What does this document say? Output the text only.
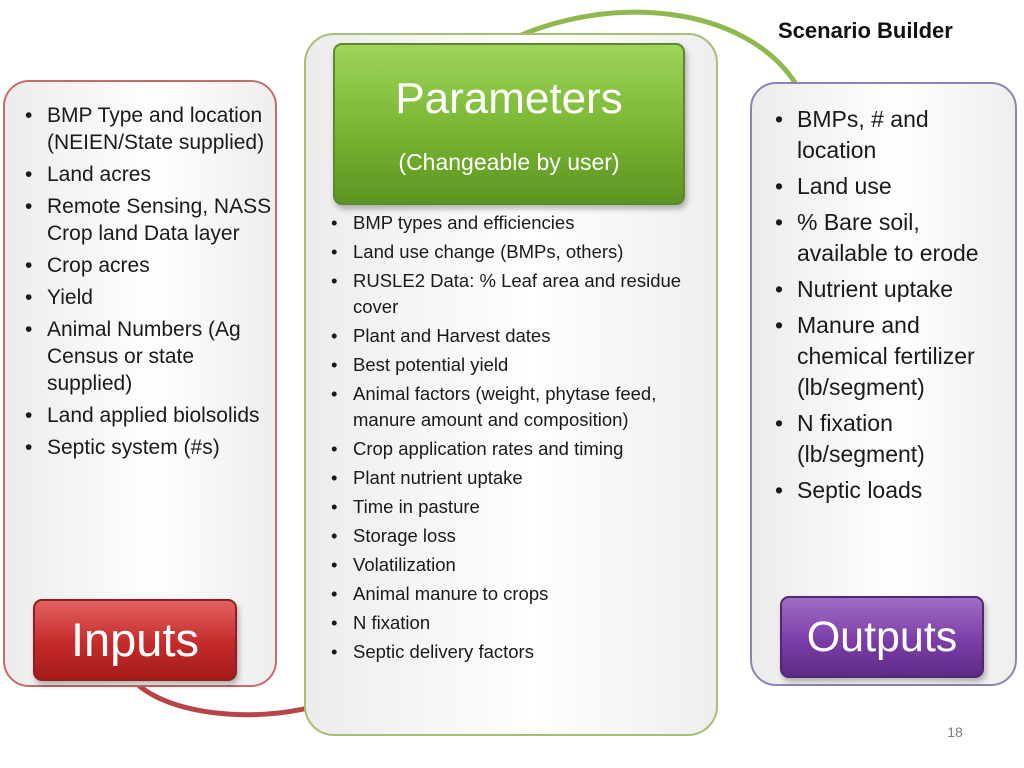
Scenario Builder
• BMP Type and location (NEIEN/State supplied)
• Land acres
• Remote Sensing, NASS Crop land Data layer
• Crop acres
• Yield
• Animal Numbers (Ag Census or state supplied)
• Land applied biolsolids
• Septic system (#s)
• BMP types and efficiencies
• Land use change (BMPs, others)
• RUSLE2 Data: % Leaf area and residue cover
• Plant and Harvest dates
• Best potential yield
• Animal factors (weight, phytase feed, manure amount and composition)
• Crop application rates and timing
• Plant nutrient uptake
• Time in pasture
• Storage loss
• Volatilization
• Animal manure to crops
• N fixation
• Septic delivery factors
• BMPs, # and location
• Land use
• % Bare soil, available to erode
• Nutrient uptake
• Manure and chemical fertilizer (lb/segment)
• N fixation (lb/segment)
• Septic loads
Inputs
Parameters
(Changeable by user)
Outputs
18
